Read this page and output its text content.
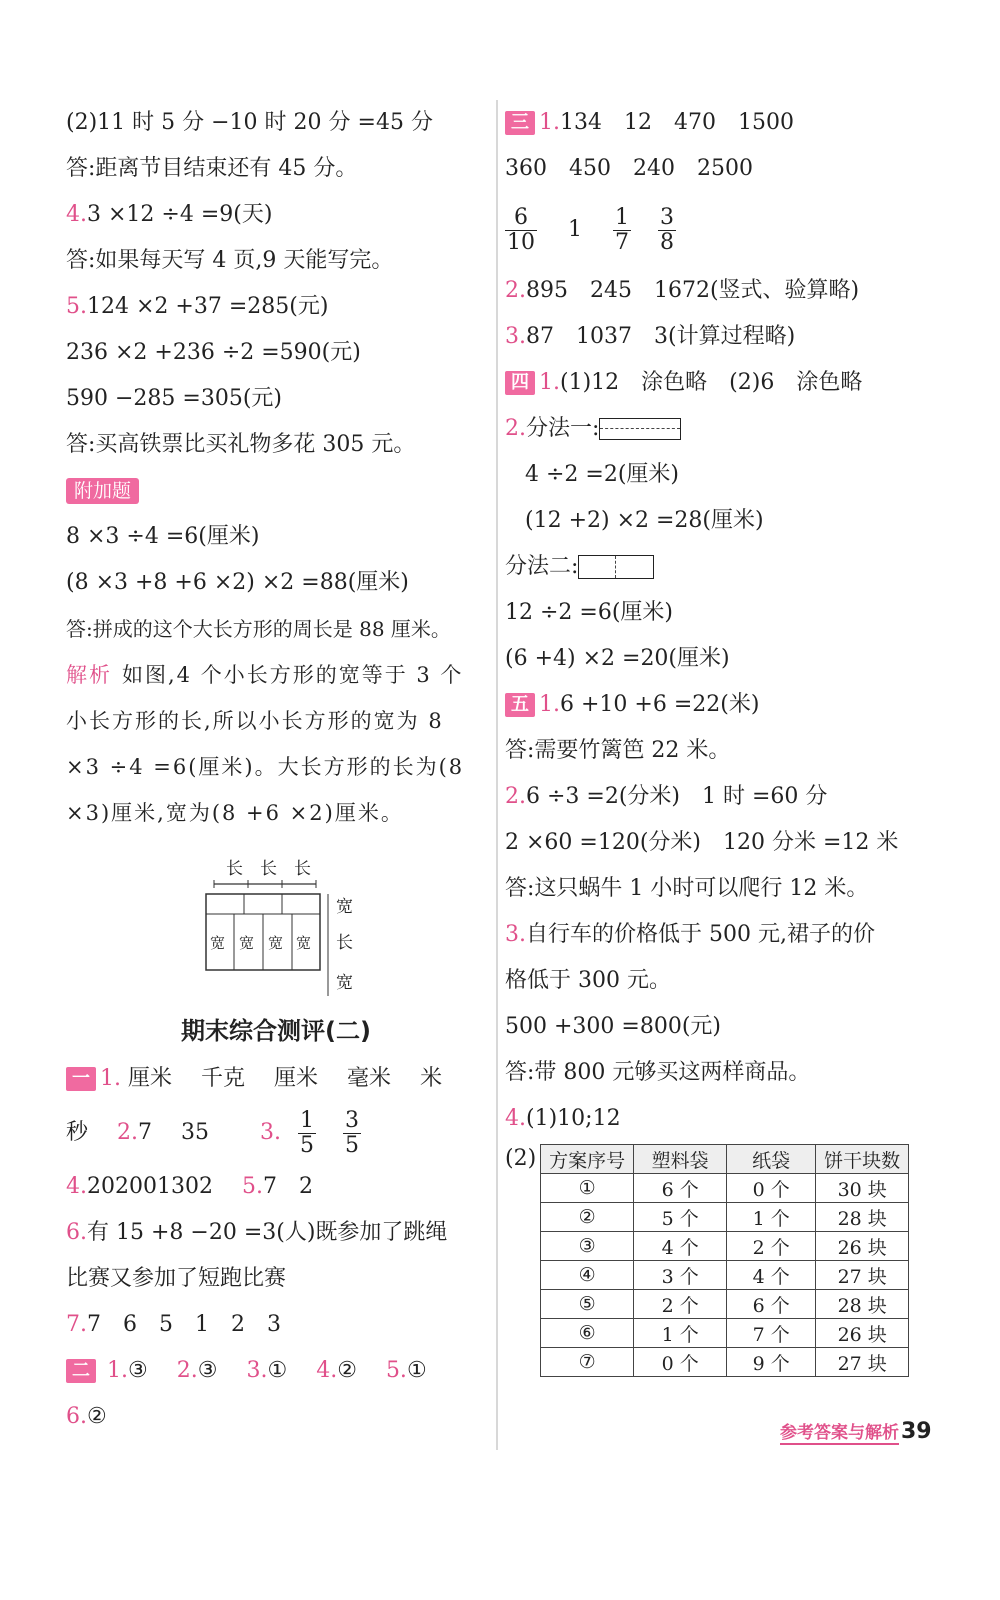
(2)11 时 5 分 −10 时 20 分 =45 分
答:距离节目结束还有 45 分。
4.3 ×12 ÷4 =9(天)
答:如果每天写 4 页,9 天能写完。
5.124 ×2 +37 =285(元)
236 ×2 +236 ÷2 =590(元)
590 −285 =305(元)
答:买高铁票比买礼物多花 305 元。
附加题
8 ×3 ÷4 =6(厘米)
(8 ×3 +8 +6 ×2) ×2 =88(厘米)
答:拼成的这个大长方形的周长是 88 厘米。
解析 如图,4 个小长方形的宽等于 3 个小长方形的长,所以小长方形的宽为 8 ×3 ÷4 =6(厘米)。大长方形的长为(8 ×3)厘米,宽为(8 +6 ×2)厘米。
长 长 长
宽 宽 宽 宽
宽
长
宽
期末综合测评(二)
一 1. 厘米 千克 厘米 毫米 米
秒 2.7 35 3. $\frac{1}{5}$
$\frac{3}{5}$
4.202001302 5.7　2
6.有 15 +8 −20 =3(人)既参加了跳绳
比赛又参加了短跑比赛
7.7　6　5　1　2　3
二 1.③ 2.③ 3.① 4.② 5.①
6.②
三 1.134　12　470　1500
360　450　240　2500
$\frac{6}{10} 1 \frac{1}{7}$
$\frac{3}{8}$
2.895　245　1672(竖式、验算略)
3.87　1037　3(计算过程略)
四 1.(1)12　涂色略　(2)6　涂色略
2.分法一:
4 ÷2 =2(厘米)
(12 +2) ×2 =28(厘米)
分法二:
12 ÷2 =6(厘米)
(6 +4) ×2 =20(厘米)
五 1.6 +10 +6 =22(米)
答:需要竹篱笆 22 米。
2.6 ÷3 =2(分米)　1 时 =60 分
2 ×60 =120(分米)　120 分米 =12 米
答:这只蜗牛 1 小时可以爬行 12 米。
3.自行车的价格低于 500 元,裙子的价
格低于 300 元。
500 +300 =800(元)
答:带 800 元够买这两样商品。
4.(1)10;12
(2) 方案序号	塑料袋	纸袋	饼干块数
①	6 个	0 个	30 块
②	5 个	1 个	28 块
③	4 个	2 个	26 块
④	3 个	4 个	27 块
⑤	2 个	6 个	28 块
⑥	1 个	7 个	26 块
⑦	0 个	9 个	27 块
参考答案与解析39
